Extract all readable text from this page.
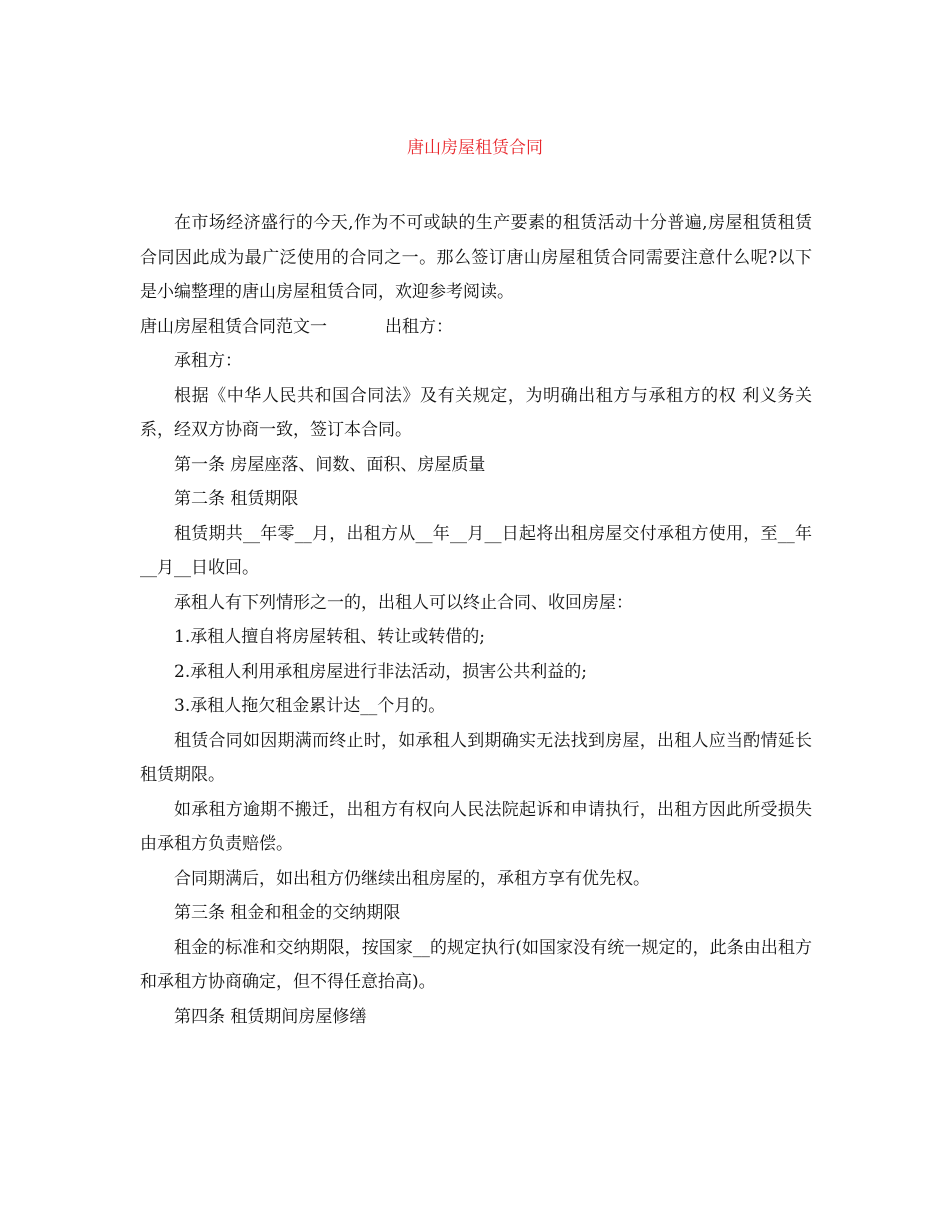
唐山房屋租赁合同

在市场经济盛行的今天,作为不可或缺的生产要素的租赁活动十分普遍,房屋租赁租赁合同因此成为最广泛使用的合同之一。那么签订唐山房屋租赁合同需要注意什么呢?以下是小编整理的唐山房屋租赁合同，欢迎参考阅读。

唐山房屋租赁合同范文一	出租方：

承租方：

根据《中华人民共和国合同法》及有关规定，为明确出租方与承租方的权 利义务关系，经双方协商一致，签订本合同。

第一条 房屋座落、间数、面积、房屋质量

第二条 租赁期限

租赁期共__年零__月，出租方从__年__月__日起将出租房屋交付承租方使用，至__年__月__日收回。

承租人有下列情形之一的，出租人可以终止合同、收回房屋：

1.承租人擅自将房屋转租、转让或转借的;

2.承租人利用承租房屋进行非法活动，损害公共利益的;

3.承租人拖欠租金累计达__个月的。

租赁合同如因期满而终止时，如承租人到期确实无法找到房屋，出租人应当酌情延长租赁期限。

如承租方逾期不搬迁，出租方有权向人民法院起诉和申请执行，出租方因此所受损失由承租方负责赔偿。

合同期满后，如出租方仍继续出租房屋的，承租方享有优先权。

第三条 租金和租金的交纳期限

租金的标准和交纳期限，按国家__的规定执行(如国家没有统一规定的，此条由出租方和承租方协商确定，但不得任意抬高)。

第四条 租赁期间房屋修缮
